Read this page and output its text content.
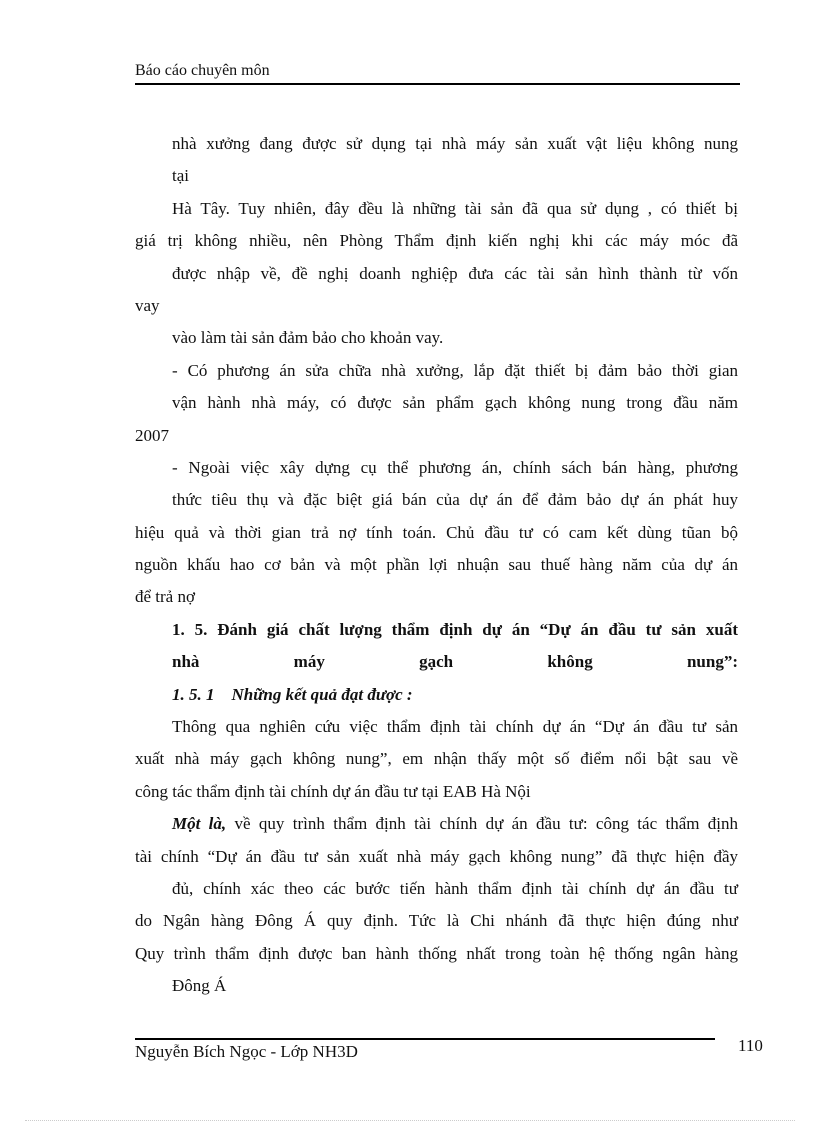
Báo cáo chuyên môn
nhà xưởng đang được sử dụng tại nhà máy sản xuất vật liệu không nung
tại
Hà Tây. Tuy nhiên, đây đều là những tài sản đã qua sử dụng , có thiết bị
giá trị không nhiều, nên Phòng Thẩm định kiến nghị khi các máy móc đã
được nhập về, đề nghị doanh nghiệp đưa các tài sản hình thành từ vốn
vay
vào làm tài sản đảm bảo cho khoản vay.
- Có phương án sửa chữa nhà xưởng, lắp đặt thiết bị đảm bảo thời gian
vận hành nhà máy, có được sản phẩm gạch không nung trong đầu năm
2007
- Ngoài việc xây dựng cụ thể phương án, chính sách bán hàng, phương
thức tiêu thụ và đặc biệt giá bán của dự án để đảm bảo dự án phát huy
hiệu quả và thời gian trả nợ tính toán. Chủ đầu tư có cam kết dùng tũan bộ
nguồn khấu hao cơ bản và một phần lợi nhuận sau thuế hàng năm của dự án
để trả nợ
1. 5. Đánh giá chất lượng thẩm định dự án “Dự án đầu tư sản xuất
nhà máy gạch không nung”:
1. 5. 1    Những kết quả đạt được :
Thông qua nghiên cứu việc thẩm định tài chính dự án “Dự án đầu tư sản
xuất nhà máy gạch không nung”, em nhận thấy một số điểm nổi bật sau về
công tác thẩm định tài chính dự án đầu tư tại EAB Hà Nội
Một là, về quy trình thẩm định tài chính dự án đầu tư: công tác thẩm định
tài chính “Dự án đầu tư sản xuất nhà máy gạch không nung” đã thực hiện đầy
đủ, chính xác theo các bước tiến hành thẩm định tài chính dự án đầu tư
do Ngân hàng Đông Á quy định. Tức là Chi nhánh đã thực hiện đúng như
Quy trình thẩm định được ban hành thống nhất trong toàn hệ thống ngân hàng
Đông Á
Nguyễn Bích Ngọc - Lớp NH3D	110
